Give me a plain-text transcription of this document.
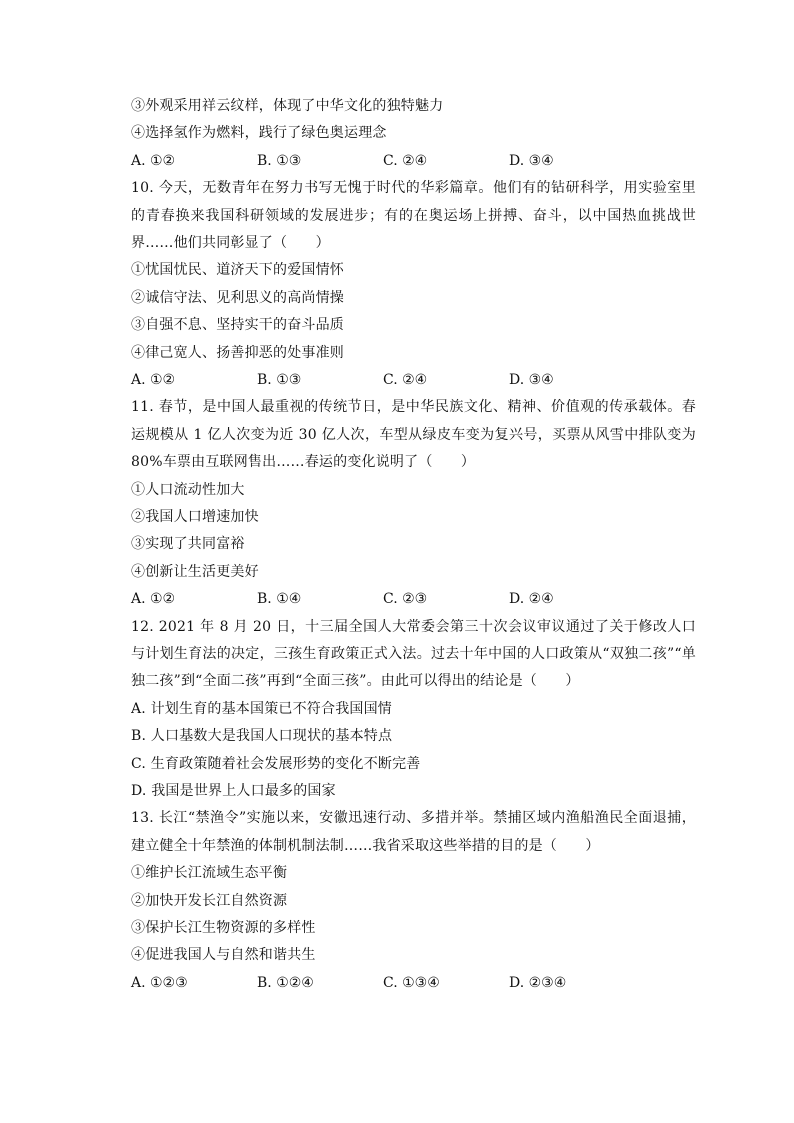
③外观采用祥云纹样，体现了中华文化的独特魅力
④选择氢作为燃料，践行了绿色奥运理念
A. ①②	B. ①③	C. ②④	D. ③④
10. 今天，无数青年在努力书写无愧于时代的华彩篇章。他们有的钻研科学，用实验室里的青春换来我国科研领域的发展进步；有的在奥运场上拼搏、奋斗，以中国热血挑战世界……他们共同彰显了（　　）
①忧国忧民、道济天下的爱国情怀
②诚信守法、见利思义的高尚情操
③自强不息、坚持实干的奋斗品质
④律己宽人、扬善抑恶的处事准则
A. ①②	B. ①③	C. ②④	D. ③④
11. 春节，是中国人最重视的传统节日，是中华民族文化、精神、价值观的传承载体。春运规模从 1 亿人次变为近 30 亿人次，车型从绿皮车变为复兴号，买票从风雪中排队变为 80%车票由互联网售出……春运的变化说明了（　　）
①人口流动性加大
②我国人口增速加快
③实现了共同富裕
④创新让生活更美好
A. ①②	B. ①④	C. ②③	D. ②④
12. 2021 年 8 月 20 日，十三届全国人大常委会第三十次会议审议通过了关于修改人口与计划生育法的决定，三孩生育政策正式入法。过去十年中国的人口政策从“双独二孩”“单独二孩”到“全面二孩”再到“全面三孩”。由此可以得出的结论是（　　）
A. 计划生育的基本国策已不符合我国国情
B. 人口基数大是我国人口现状的基本特点
C. 生育政策随着社会发展形势的变化不断完善
D. 我国是世界上人口最多的国家
13. 长江“禁渔令”实施以来，安徽迅速行动、多措并举。禁捕区域内渔船渔民全面退捕，建立健全十年禁渔的体制机制法制……我省采取这些举措的目的是（　　）
①维护长江流域生态平衡
②加快开发长江自然资源
③保护长江生物资源的多样性
④促进我国人与自然和谐共生
A. ①②③	B. ①②④	C. ①③④	D. ②③④
